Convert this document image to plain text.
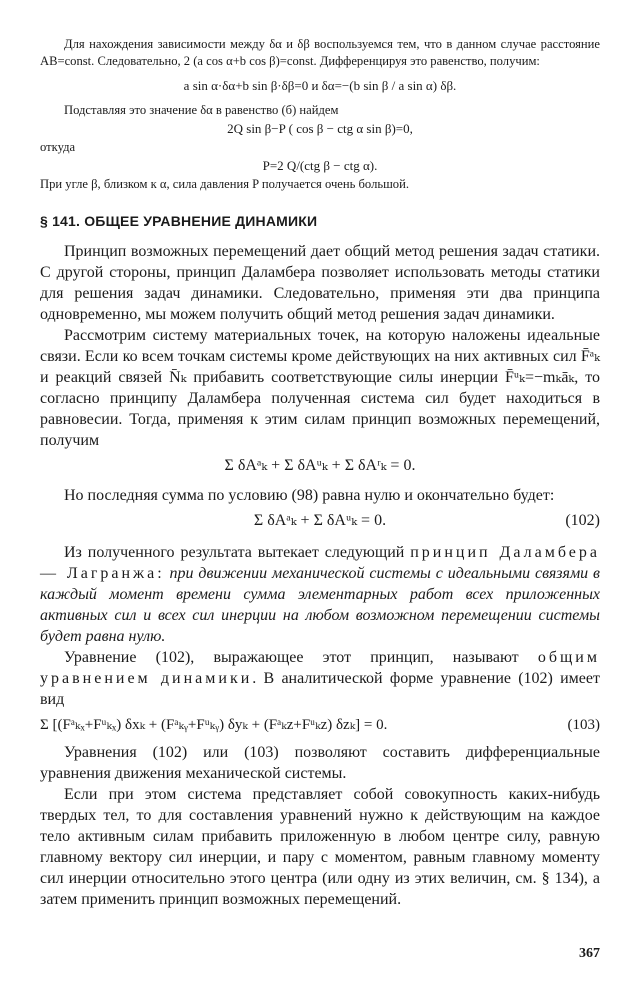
Для нахождения зависимости между δα и δβ воспользуемся тем, что в данном случае расстояние AB=const. Следовательно, 2 (a cos α+b cos β)=const. Дифференцируя это равенство, получим:

a sin α·δα+b sin β·δβ=0 и δα=−(b sin β / a sin α) δβ.

Подставляя это значение δα в равенство (б) найдем

2Q sin β−P ( cos β − ctg α sin β)=0,

откуда

P=2 Q/(ctg β − ctg α).

При угле β, близком к α, сила давления P получается очень большой.

§ 141. ОБЩЕЕ УРАВНЕНИЕ ДИНАМИКИ

Принцип возможных перемещений дает общий метод решения задач статики. С другой стороны, принцип Даламбера позволяет использовать методы статики для решения задач динамики. Следовательно, применяя эти два принципа одновременно, мы можем получить общий метод решения задач динамики.

Рассмотрим систему материальных точек, на которую наложены идеальные связи. Если ко всем точкам системы кроме действующих на них активных сил F̄ᵃₖ и реакций связей N̄ₖ прибавить соответствующие силы инерции F̄ᵘₖ=−mₖāₖ, то согласно принципу Даламбера полученная система сил будет находиться в равновесии. Тогда, применяя к этим силам принцип возможных перемещений, получим

Σ δAᵃₖ + Σ δAᵘₖ + Σ δAʳₖ = 0.

Но последняя сумма по условию (98) равна нулю и окончательно будет:

Σ δAᵃₖ + Σ δAᵘₖ = 0.	(102)

Из полученного результата вытекает следующий принцип Даламбера — Лагранжа: при движении механической системы с идеальными связями в каждый момент времени сумма элементарных работ всех приложенных активных сил и всех сил инерции на любом возможном перемещении системы будет равна нулю.

Уравнение (102), выражающее этот принцип, называют общим уравнением динамики. В аналитической форме уравнение (102) имеет вид

Σ [(Fᵃₖₓ+Fᵘₖₓ) δxₖ + (Fᵃₖᵧ+Fᵘₖᵧ) δyₖ + (Fᵃₖz+Fᵘₖz) δzₖ] = 0.	(103)

Уравнения (102) или (103) позволяют составить дифференциальные уравнения движения механической системы.

Если при этом система представляет собой совокупность каких-нибудь твердых тел, то для составления уравнений нужно к действующим на каждое тело активным силам прибавить приложенную в любом центре силу, равную главному вектору сил инерции, и пару с моментом, равным главному моменту сил инерции относительно этого центра (или одну из этих величин, см. § 134), а затем применить принцип возможных перемещений.

367
